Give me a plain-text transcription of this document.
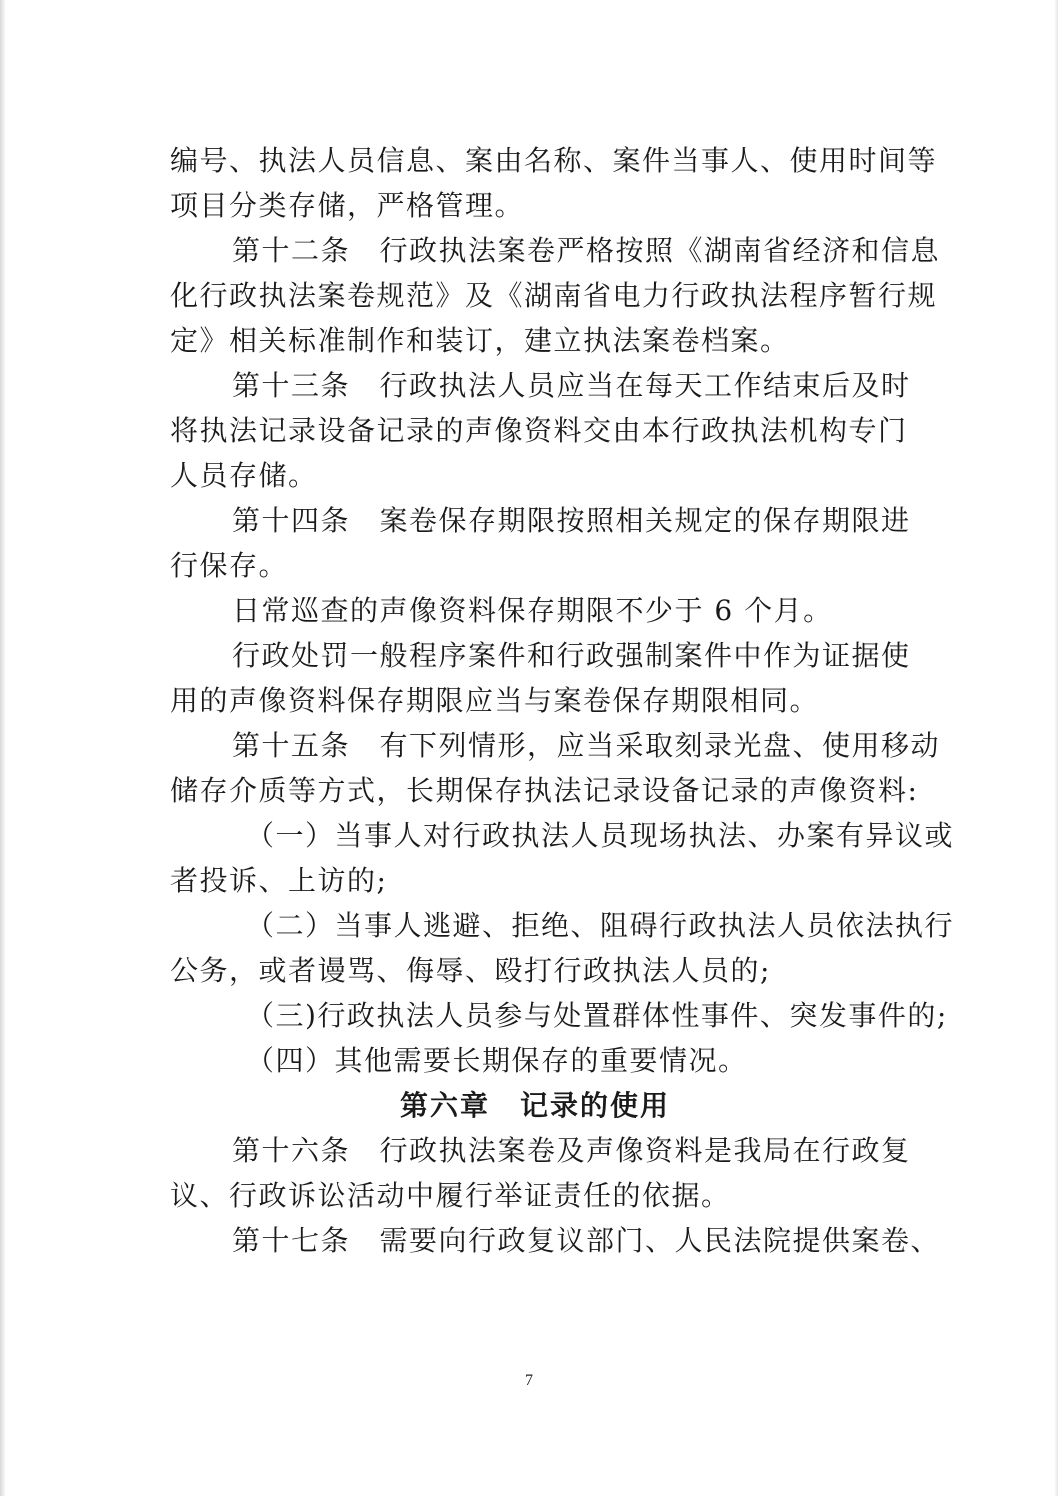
编号、执法人员信息、案由名称、案件当事人、使用时间等
项目分类存储，严格管理。
第十二条　行政执法案卷严格按照《湖南省经济和信息
化行政执法案卷规范》及《湖南省电力行政执法程序暂行规
定》相关标准制作和装订，建立执法案卷档案。
第十三条　行政执法人员应当在每天工作结束后及时
将执法记录设备记录的声像资料交由本行政执法机构专门
人员存储。
第十四条　案卷保存期限按照相关规定的保存期限进
行保存。
日常巡查的声像资料保存期限不少于 6 个月。
行政处罚一般程序案件和行政强制案件中作为证据使
用的声像资料保存期限应当与案卷保存期限相同。
第十五条　有下列情形，应当采取刻录光盘、使用移动
储存介质等方式，长期保存执法记录设备记录的声像资料:
（一）当事人对行政执法人员现场执法、办案有异议或
者投诉、上访的;
（二）当事人逃避、拒绝、阻碍行政执法人员依法执行
公务，或者谩骂、侮辱、殴打行政执法人员的;
（三)行政执法人员参与处置群体性事件、突发事件的;
（四）其他需要长期保存的重要情况。
第六章　记录的使用
第十六条　行政执法案卷及声像资料是我局在行政复
议、行政诉讼活动中履行举证责任的依据。
第十七条　需要向行政复议部门、人民法院提供案卷、
7
